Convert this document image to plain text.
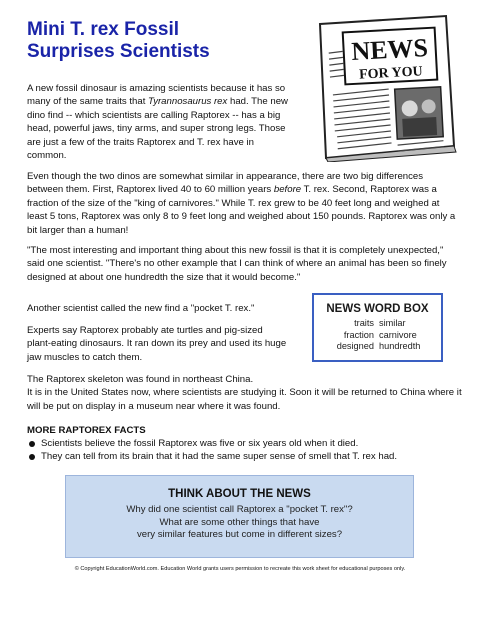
Mini T. rex Fossil
Surprises Scientists	NEWS
FOR YOU

A new fossil dinosaur is amazing scientists because it has so many of the same traits that Tyrannosaurus rex had. The new dino find -- which scientists are calling Raptorex -- has a big head, powerful jaws, tiny arms, and super strong legs. Those are just a few of the traits Raptorex and T. rex have in common.

Even though the two dinos are somewhat similar in appearance, there are two big differences between them. First, Raptorex lived 40 to 60 million years before T. rex. Second, Raptorex was a fraction of the size of the "king of carnivores." While T. rex grew to be 40 feet long and weighed at least 5 tons, Raptorex was only 8 to 9 feet long and weighed about 150 pounds. Raptorex was only a bit larger than a human!

"The most interesting and important thing about this new fossil is that it is completely unexpected," said one scientist. "There's no other example that I can think of where an animal has been so finely designed at about one hundredth the size that it would become."

Another scientist called the new find a "pocket T. rex."

Experts say Raptorex probably ate turtles and pig-sized plant-eating dinosaurs. It ran down its prey and used its huge jaw muscles to catch them.

The Raptorex skeleton was found in northeast China.
It is in the United States now, where scientists are studying it. Soon it will be returned to China where it will be put on display in a museum near where it was found.

NEWS WORD BOX
traits
fraction
designed
similar
carnivore
hundredth
MORE RAPTOREX FACTS
Scientists believe the fossil Raptorex was five or six years old when it died.
They can tell from its brain that it had the same super sense of smell that T. rex had.
THINK ABOUT THE NEWS
Why did one scientist call Raptorex a "pocket T. rex"?
What are some other things that have
very similar features but come in different sizes?
© Copyright EducationWorld.com. Education World grants users permission to recreate this work sheet for educational purposes only.
